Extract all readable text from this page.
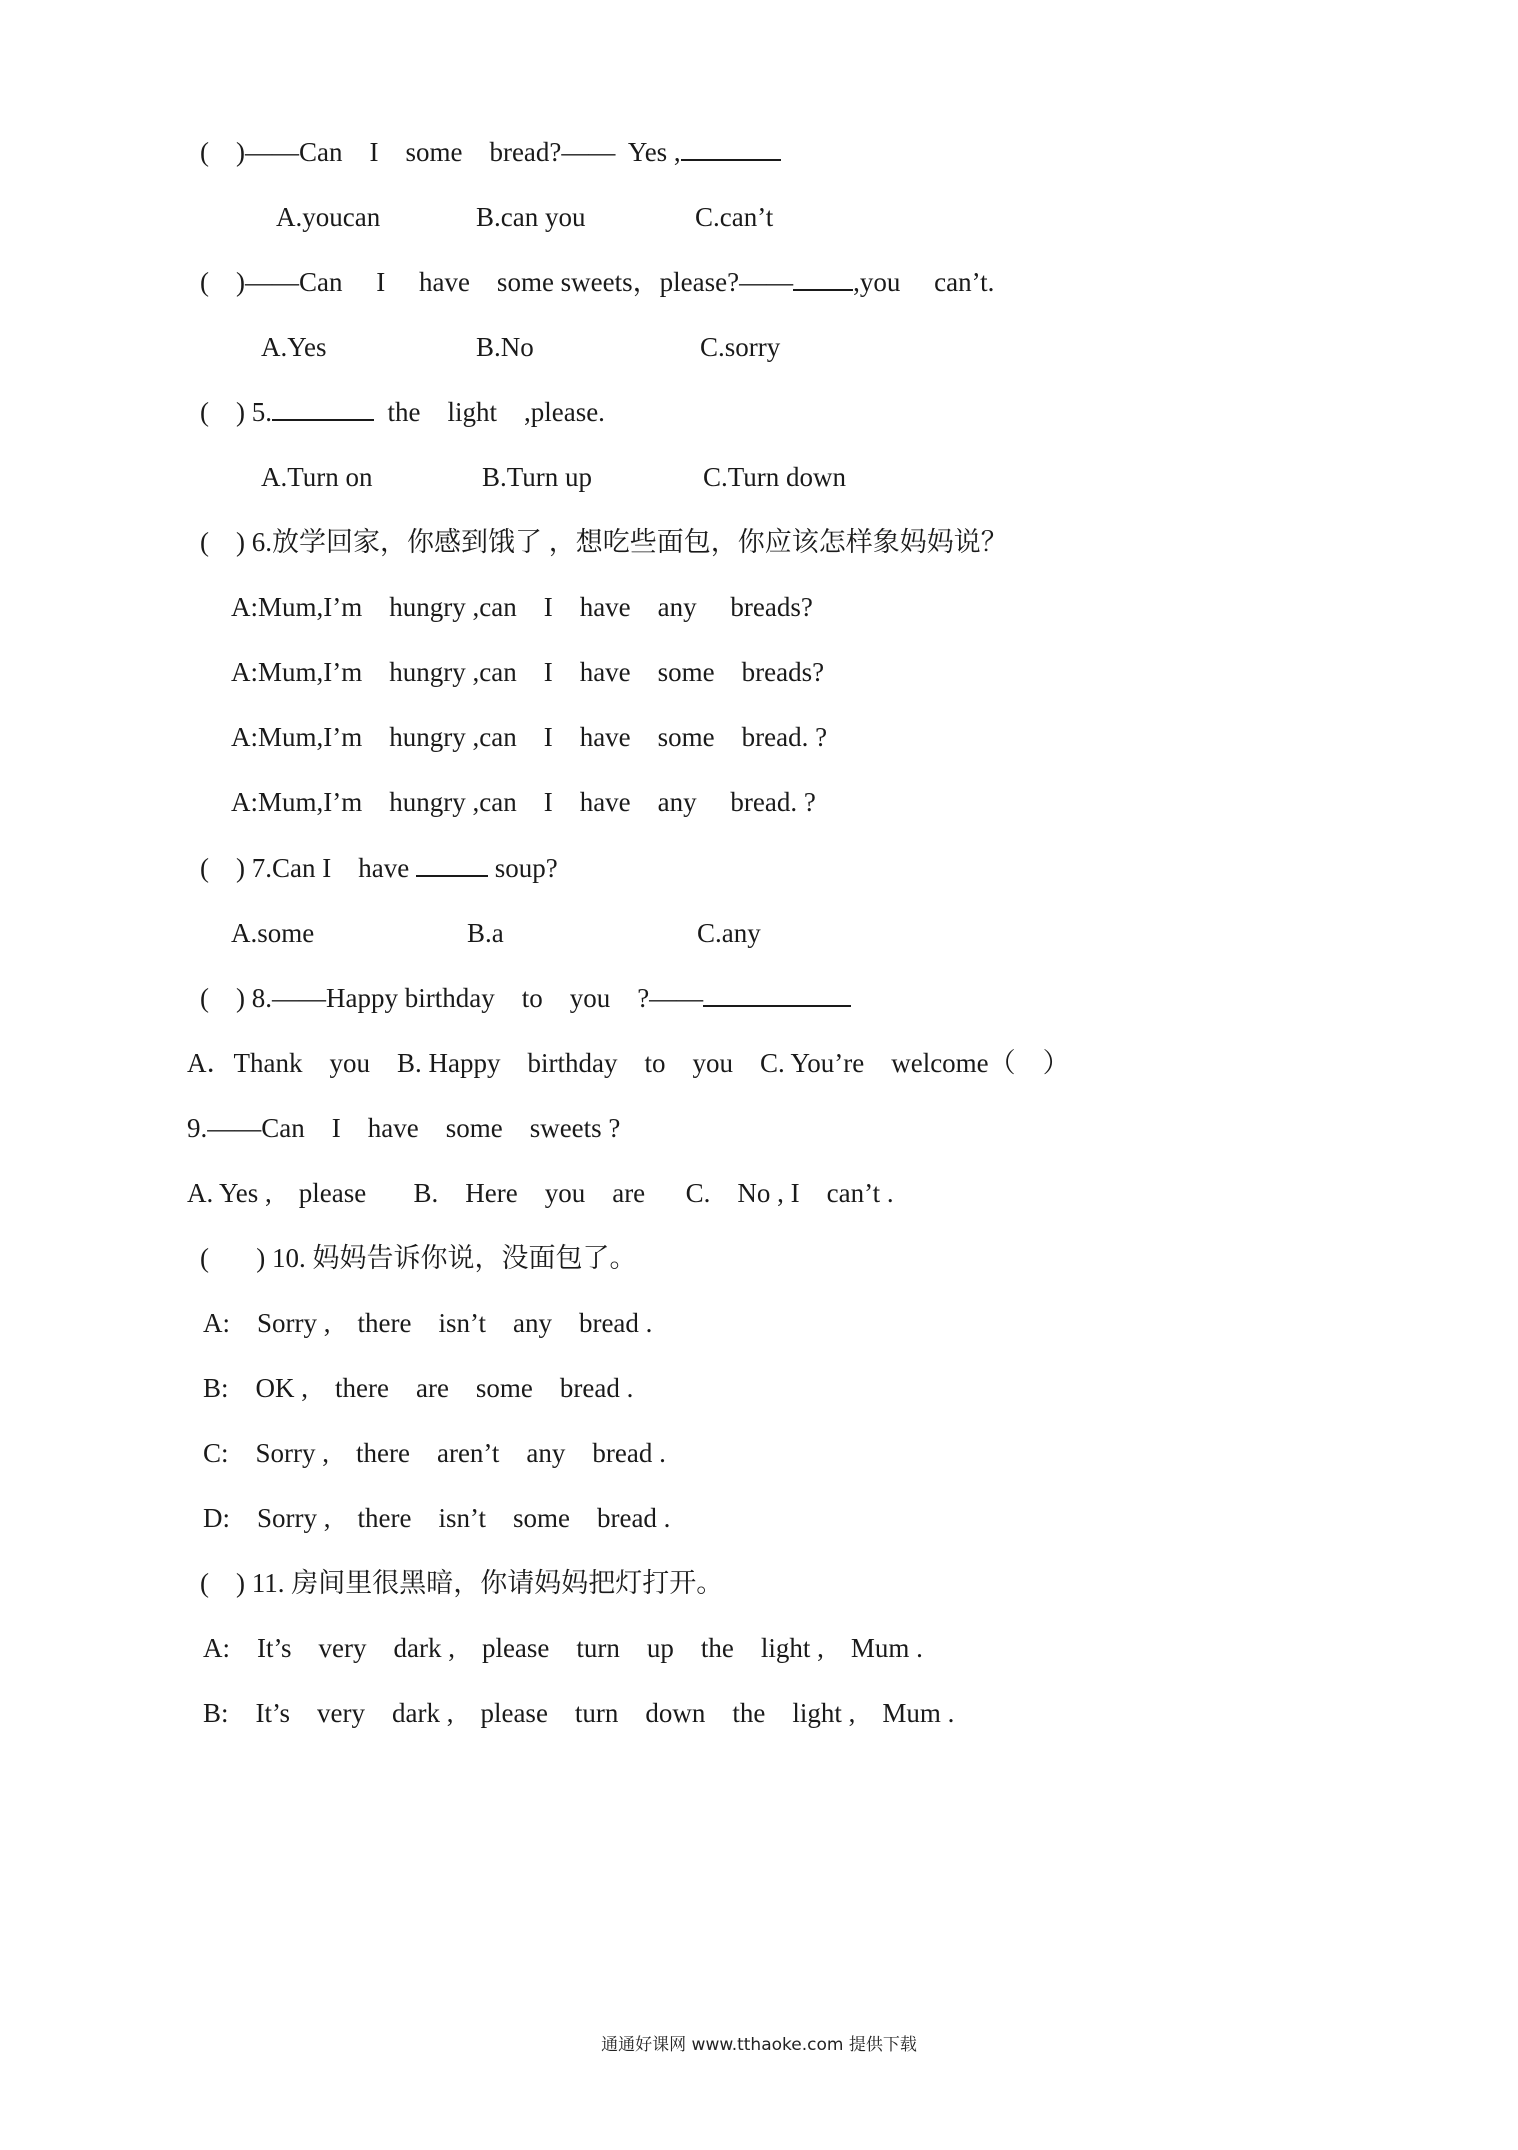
(    )——Can    I    some    bread?——  Yes ,
A.youcan	B.can you	C.can’t
(    )——Can     I     have    some sweets，please?—— ,you     can’t.
A.Yes	B.No	C.sorry
(    ) 5.	the    light    ,please.
A.Turn on	B.Turn up	C.Turn down
(    ) 6.放学回家，你感到饿了 ，想吃些面包，你应该怎样象妈妈说？
A:Mum,I’m    hungry ,can    I    have    any     breads?
A:Mum,I’m    hungry ,can    I    have    some    breads?
A:Mum,I’m    hungry ,can    I    have    some    bread. ?
A:Mum,I’m    hungry ,can    I    have    any     bread. ?
(    ) 7.Can I    have	soup?
A.some	B.a	C.any
(    ) 8.——Happy birthday    to    you    ?——
A．Thank    you    B. Happy    birthday    to    you    C. You’re    welcome（    ）
9.——Can    I    have    some    sweets ?
A. Yes ,    please       B.    Here    you    are      C.    No , I    can’t .
(       ) 10. 妈妈告诉你说，没面包了。
A:    Sorry ,    there    isn’t    any    bread .
B:    OK ,    there    are    some    bread .
C:    Sorry ,    there    aren’t    any    bread .
D:    Sorry ,    there    isn’t    some    bread .
(    ) 11. 房间里很黑暗，你请妈妈把灯打开。
A:    It’s    very    dark ,    please    turn    up    the    light ,    Mum .
B:    It’s    very    dark ,    please    turn    down    the    light ,    Mum .
通通好课网 www.tthaoke.com 提供下载
